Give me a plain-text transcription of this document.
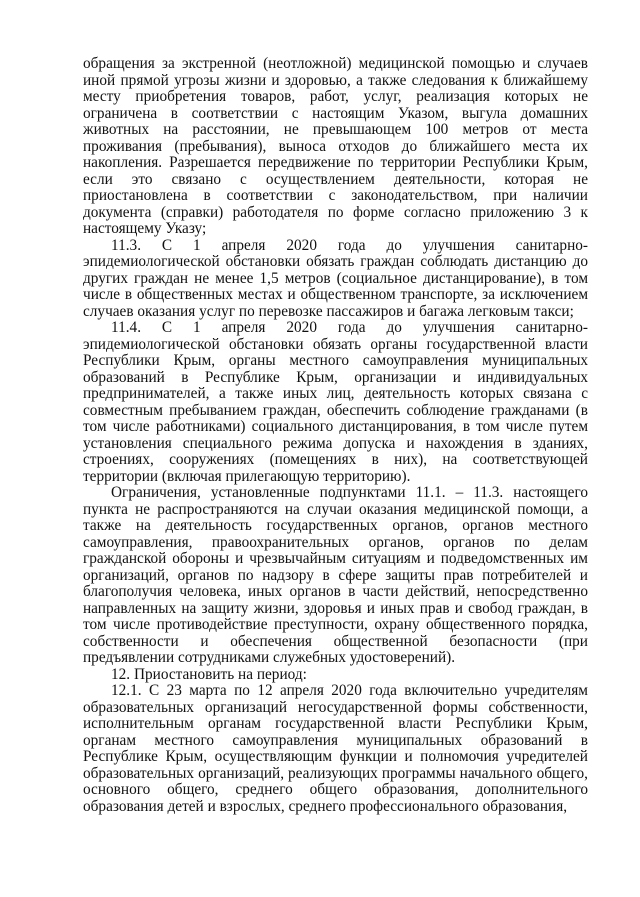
обращения за экстренной (неотложной) медицинской помощью и случаев иной прямой угрозы жизни и здоровью, а также следования к ближайшему месту приобретения товаров, работ, услуг, реализация которых не ограничена в соответствии с настоящим Указом, выгула домашних животных на расстоянии, не превышающем 100 метров от места проживания (пребывания), выноса отходов до ближайшего места их накопления. Разрешается передвижение по территории Республики Крым, если это связано с осуществлением деятельности, которая не приостановлена в соответствии с законодательством, при наличии документа (справки) работодателя по форме согласно приложению 3 к настоящему Указу;

11.3. С 1 апреля 2020 года до улучшения санитарно-эпидемиологической обстановки обязать граждан соблюдать дистанцию до других граждан не менее 1,5 метров (социальное дистанцирование), в том числе в общественных местах и общественном транспорте, за исключением случаев оказания услуг по перевозке пассажиров и багажа легковым такси;

11.4. С 1 апреля 2020 года до улучшения санитарно-эпидемиологической обстановки обязать органы государственной власти Республики Крым, органы местного самоуправления муниципальных образований в Республике Крым, организации и индивидуальных предпринимателей, а также иных лиц, деятельность которых связана с совместным пребыванием граждан, обеспечить соблюдение гражданами (в том числе работниками) социального дистанцирования, в том числе путем установления специального режима допуска и нахождения в зданиях, строениях, сооружениях (помещениях в них), на соответствующей территории (включая прилегающую территорию).

Ограничения, установленные подпунктами 11.1. – 11.3. настоящего пункта не распространяются на случаи оказания медицинской помощи, а также на деятельность государственных органов, органов местного самоуправления, правоохранительных органов, органов по делам гражданской обороны и чрезвычайным ситуациям и подведомственных им организаций, органов по надзору в сфере защиты прав потребителей и благополучия человека, иных органов в части действий, непосредственно направленных на защиту жизни, здоровья и иных прав и свобод граждан, в том числе противодействие преступности, охрану общественного порядка, собственности и обеспечения общественной безопасности (при предъявлении сотрудниками служебных удостоверений).

12. Приостановить на период:

12.1. С 23 марта по 12 апреля 2020 года включительно учредителям образовательных организаций негосударственной формы собственности, исполнительным органам государственной власти Республики Крым, органам местного самоуправления муниципальных образований в Республике Крым, осуществляющим функции и полномочия учредителей образовательных организаций, реализующих программы начального общего, основного общего, среднего общего образования, дополнительного образования детей и взрослых, среднего профессионального образования,
